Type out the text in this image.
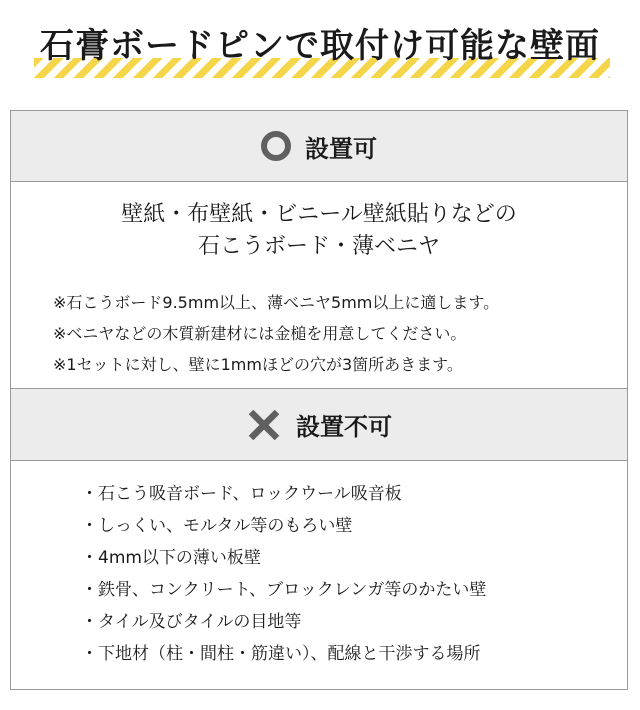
石膏ボードピンで取付け可能な壁面
設置可
壁紙・布壁紙・ビニール壁紙貼りなどの
石こうボード・薄ベニヤ
※石こうボード9.5mm以上、薄ベニヤ5mm以上に適します。
※ベニヤなどの木質新建材には金槌を用意してください。
※1セットに対し、壁に1mmほどの穴が3箇所あきます。
設置不可
・石こう吸音ボード、ロックウール吸音板
・しっくい、モルタル等のもろい壁
・4mm以下の薄い板壁
・鉄骨、コンクリート、ブロックレンガ等のかたい壁
・タイル及びタイルの目地等
・下地材（柱・間柱・筋違い）、配線と干渉する場所
